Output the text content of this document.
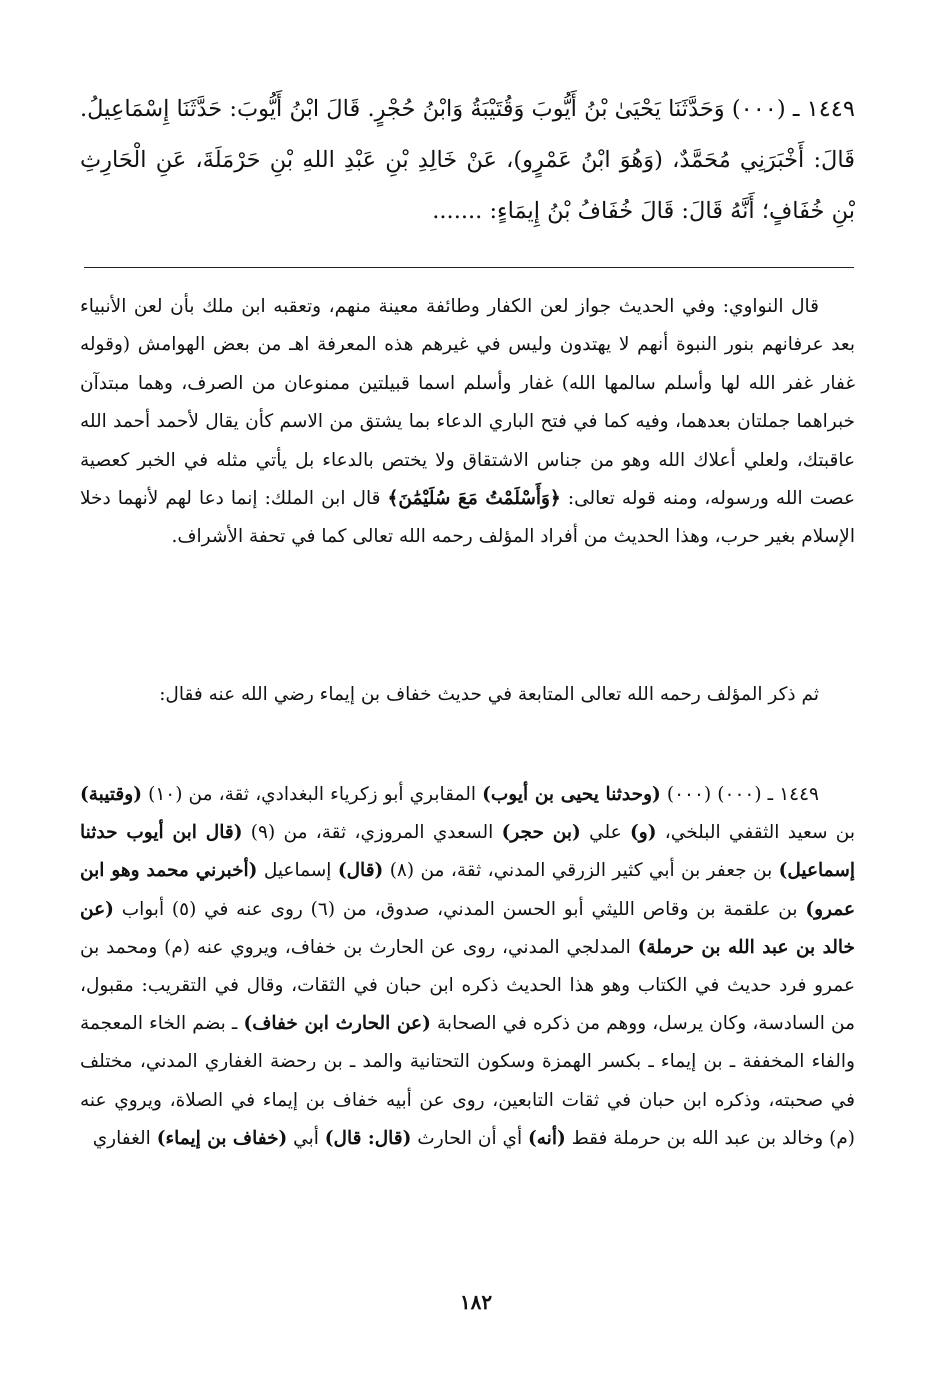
١٤٤٩ ـ (٠٠٠) وَحَدَّثَنَا يَحْيَىٰ بْنُ أَيُّوبَ وَقُتَيْبَةُ وَابْنُ حُجْرٍ. قَالَ ابْنُ أَيُّوبَ: حَدَّثَنَا إِسْمَاعِيلُ. قَالَ: أَخْبَرَنِي مُحَمَّدٌ، (وَهُوَ ابْنُ عَمْرٍو)، عَنْ خَالِدِ بْنِ عَبْدِ اللهِ بْنِ حَرْمَلَةَ، عَنِ الْحَارِثِ بْنِ خُفَافٍ؛ أَنَّهُ قَالَ: قَالَ خُفَافُ بْنُ إِيمَاءٍ: .......

قال النواوي: وفي الحديث جواز لعن الكفار وطائفة معينة منهم، وتعقبه ابن ملك بأن لعن الأنبياء بعد عرفانهم بنور النبوة أنهم لا يهتدون وليس في غيرهم هذه المعرفة اهـ من بعض الهوامش (وقوله غفار غفر الله لها وأسلم سالمها الله) غفار وأسلم اسما قبيلتين ممنوعان من الصرف، وهما مبتدآن خبراهما جملتان بعدهما، وفيه كما في فتح الباري الدعاء بما يشتق من الاسم كأن يقال لأحمد أحمد الله عاقبتك، ولعلي أعلاك الله وهو من جناس الاشتقاق ولا يختص بالدعاء بل يأتي مثله في الخبر كعصية عصت الله ورسوله، ومنه قوله تعالى: ﴿وَأَسْلَمْتُ مَعَ سُلَيْمَٰنَ﴾ قال ابن الملك: إنما دعا لهم لأنهما دخلا الإسلام بغير حرب، وهذا الحديث من أفراد المؤلف رحمه الله تعالى كما في تحفة الأشراف.

ثم ذكر المؤلف رحمه الله تعالى المتابعة في حديث خفاف بن إيماء رضي الله عنه فقال:

١٤٤٩ ـ (٠٠٠) (٠٠٠) (وحدثنا يحيى بن أيوب) المقابري أبو زكرياء البغدادي، ثقة، من (١٠) (وقتيبة) بن سعيد الثقفي البلخي، (و) علي (بن حجر) السعدي المروزي، ثقة، من (٩) (قال ابن أيوب حدثنا إسماعيل) بن جعفر بن أبي كثير الزرقي المدني، ثقة، من (٨) (قال) إسماعيل (أخبرني محمد وهو ابن عمرو) بن علقمة بن وقاص الليثي أبو الحسن المدني، صدوق، من (٦) روى عنه في (٥) أبواب (عن خالد بن عبد الله بن حرملة) المدلجي المدني، روى عن الحارث بن خفاف، ويروي عنه (م) ومحمد بن عمرو فرد حديث في الكتاب وهو هذا الحديث ذكره ابن حبان في الثقات، وقال في التقريب: مقبول، من السادسة، وكان يرسل، ووهم من ذكره في الصحابة (عن الحارث ابن خفاف) ـ بضم الخاء المعجمة والفاء المخففة ـ بن إيماء ـ بكسر الهمزة وسكون التحتانية والمد ـ بن رحضة الغفاري المدني، مختلف في صحبته، وذكره ابن حبان في ثقات التابعين، روى عن أبيه خفاف بن إيماء في الصلاة، ويروي عنه (م) وخالد بن عبد الله بن حرملة فقط (أنه) أي أن الحارث (قال: قال) أبي (خفاف بن إيماء) الغفاري

١٨٢
